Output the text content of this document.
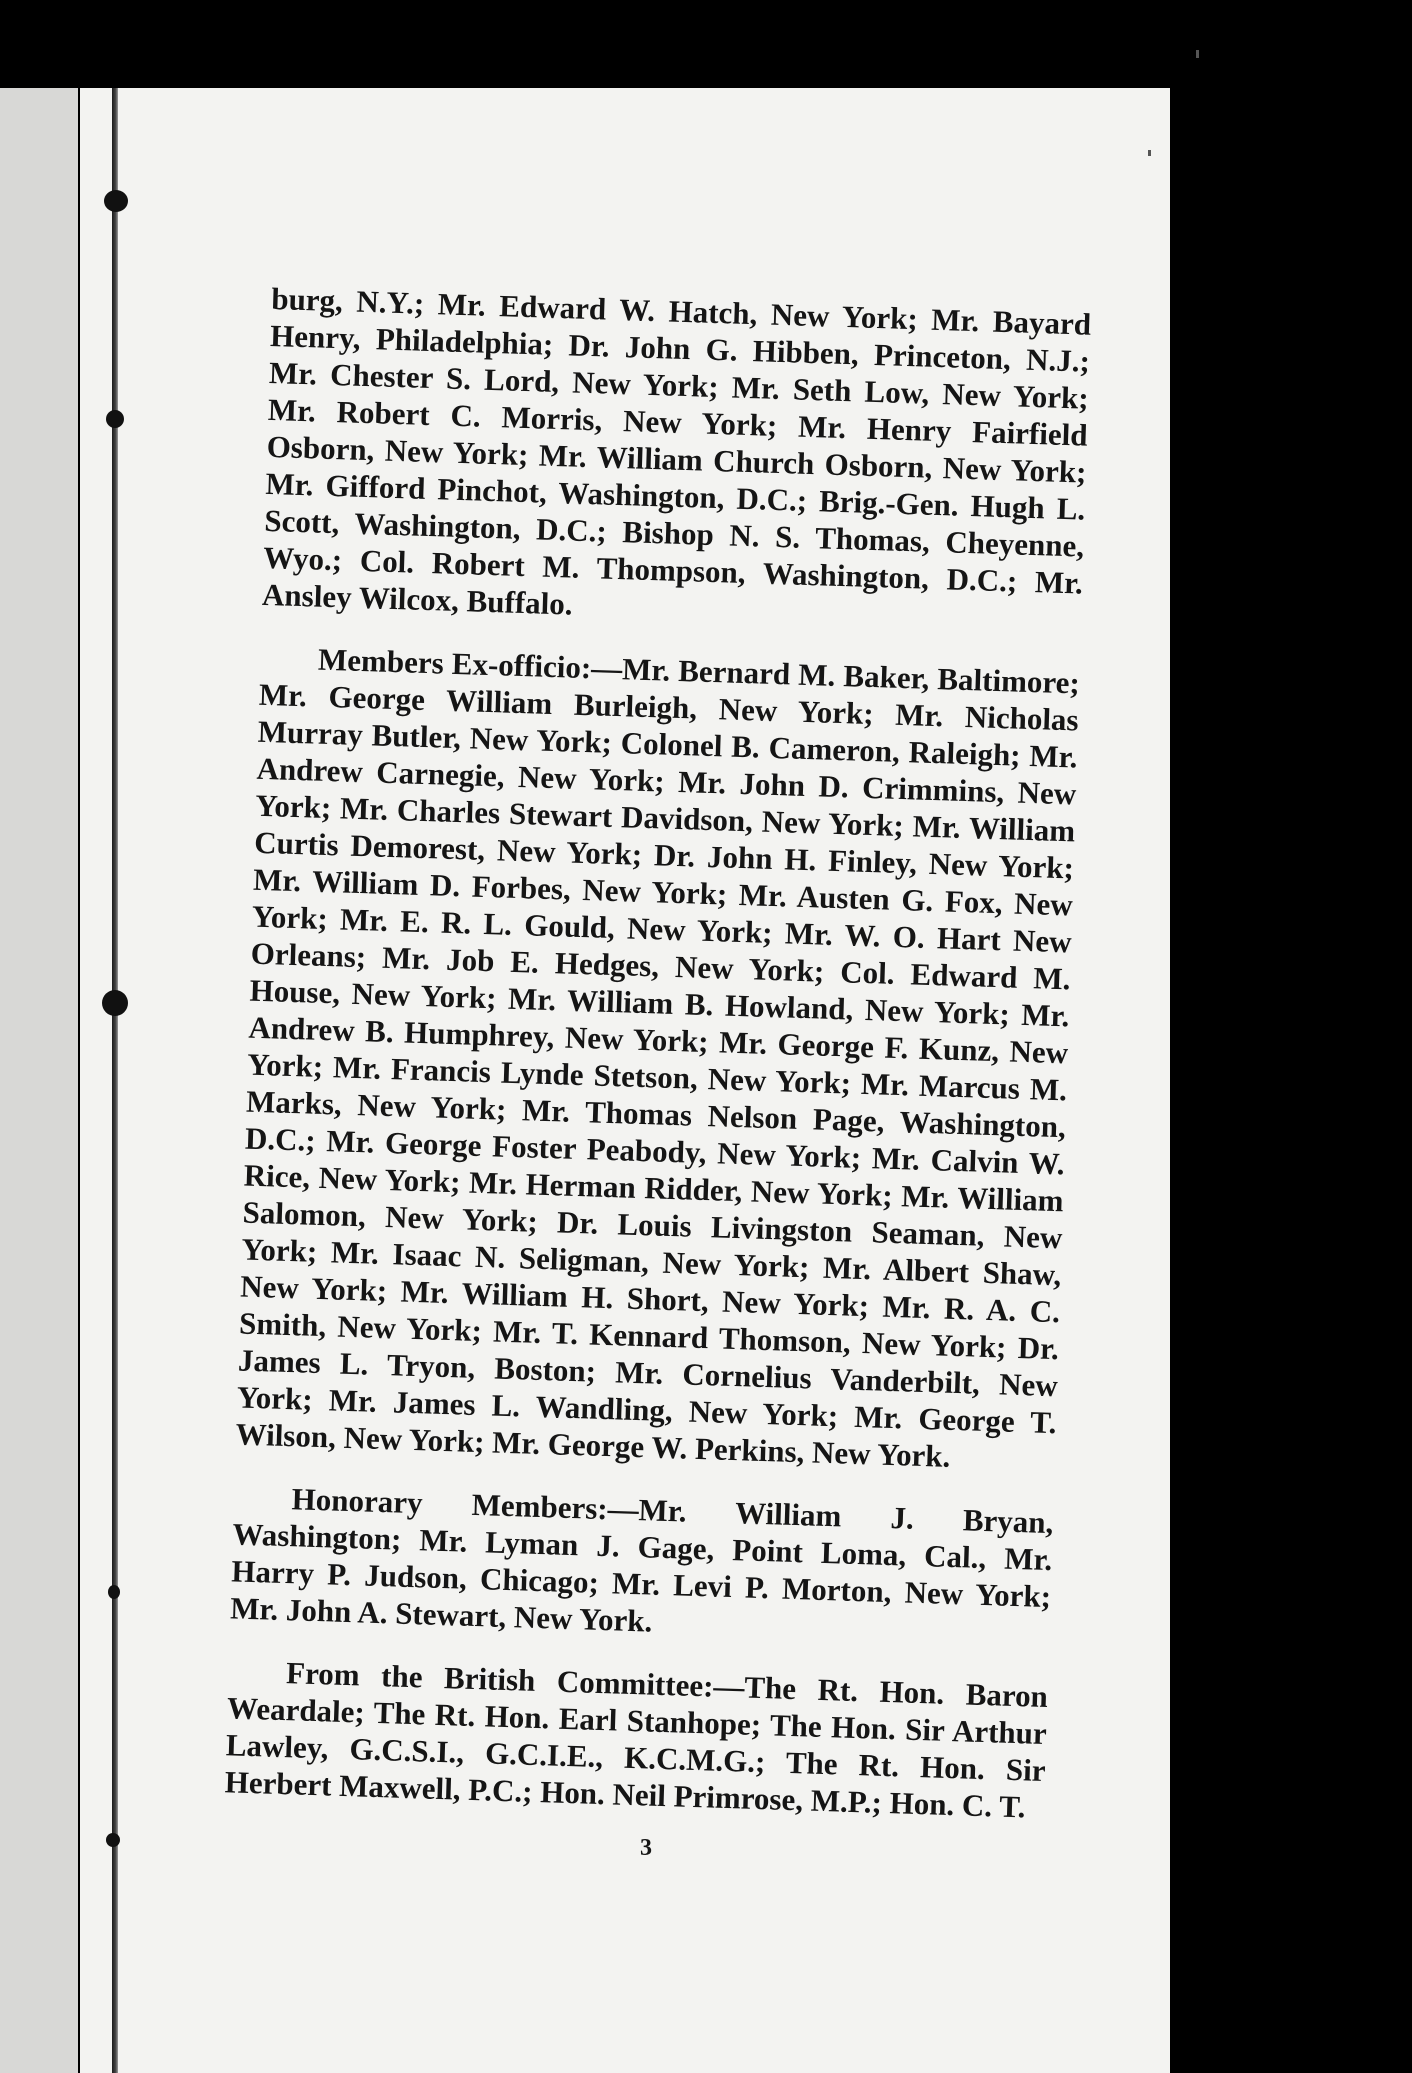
burg, N.Y.; Mr. Edward W. Hatch, New York; Mr. Bayard Henry, Philadelphia; Dr. John G. Hibben, Princeton, N.J.; Mr. Chester S. Lord, New York; Mr. Seth Low, New York; Mr. Robert C. Morris, New York; Mr. Henry Fairfield Osborn, New York; Mr. William Church Osborn, New York; Mr. Gifford Pinchot, Washington, D.C.; Brig.-Gen. Hugh L. Scott, Washington, D.C.; Bishop N. S. Thomas, Cheyenne, Wyo.; Col. Robert M. Thompson, Washington, D.C.; Mr. Ansley Wilcox, Buffalo.

Members Ex-officio:—Mr. Bernard M. Baker, Baltimore; Mr. George William Burleigh, New York; Mr. Nicholas Murray Butler, New York; Colonel B. Cameron, Raleigh; Mr. Andrew Carnegie, New York; Mr. John D. Crimmins, New York; Mr. Charles Stewart Davidson, New York; Mr. William Curtis Demorest, New York; Dr. John H. Finley, New York; Mr. William D. Forbes, New York; Mr. Austen G. Fox, New York; Mr. E. R. L. Gould, New York; Mr. W. O. Hart New Orleans; Mr. Job E. Hedges, New York; Col. Edward M. House, New York; Mr. William B. Howland, New York; Mr. Andrew B. Humphrey, New York; Mr. George F. Kunz, New York; Mr. Francis Lynde Stetson, New York; Mr. Marcus M. Marks, New York; Mr. Thomas Nelson Page, Washington, D.C.; Mr. George Foster Peabody, New York; Mr. Calvin W. Rice, New York; Mr. Herman Ridder, New York; Mr. William Salomon, New York; Dr. Louis Livingston Seaman, New York; Mr. Isaac N. Seligman, New York; Mr. Albert Shaw, New York; Mr. William H. Short, New York; Mr. R. A. C. Smith, New York; Mr. T. Kennard Thomson, New York; Dr. James L. Tryon, Boston; Mr. Cornelius Vanderbilt, New York; Mr. James L. Wandling, New York; Mr. George T. Wilson, New York; Mr. George W. Perkins, New York.

Honorary Members:—Mr. William J. Bryan, Washington; Mr. Lyman J. Gage, Point Loma, Cal., Mr. Harry P. Judson, Chicago; Mr. Levi P. Morton, New York; Mr. John A. Stewart, New York.

From the British Committee:—The Rt. Hon. Baron Weardale; The Rt. Hon. Earl Stanhope; The Hon. Sir Arthur Lawley, G.C.S.I., G.C.I.E., K.C.M.G.; The Rt. Hon. Sir Herbert Maxwell, P.C.; Hon. Neil Primrose, M.P.; Hon. C. T.

3
